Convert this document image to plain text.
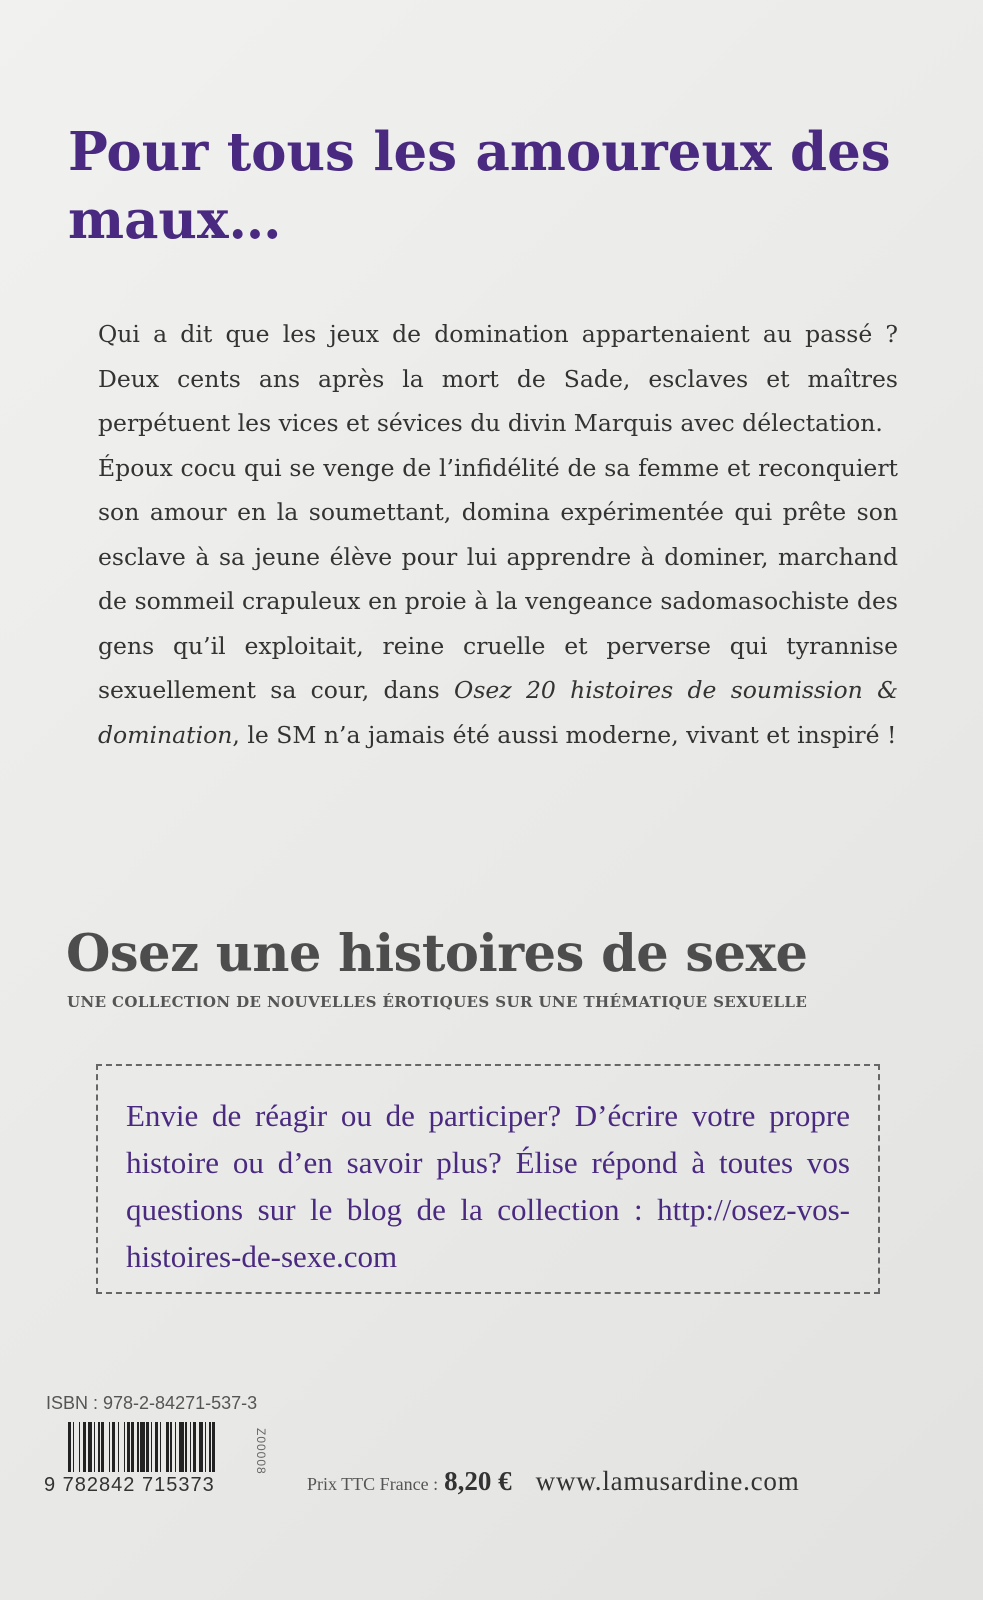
Pour tous les amoureux des maux…

Qui a dit que les jeux de domination appartenaient au passé ? Deux cents ans après la mort de Sade, esclaves et maîtres perpétuent les vices et sévices du divin Marquis avec délectation.

Époux cocu qui se venge de l’infidélité de sa femme et reconquiert son amour en la soumettant, domina expérimentée qui prête son esclave à sa jeune élève pour lui apprendre à dominer, marchand de sommeil crapuleux en proie à la vengeance sadomasochiste des gens qu’il exploitait, reine cruelle et perverse qui tyrannise sexuellement sa cour, dans Osez 20 histoires de soumission & domination, le SM n’a jamais été aussi moderne, vivant et inspiré !

Osez une histoires de sexe
UNE COLLECTION DE NOUVELLES ÉROTIQUES SUR UNE THÉMATIQUE SEXUELLE

Envie de réagir ou de participer? D’écrire votre propre histoire ou d’en savoir plus? Élise répond à toutes vos questions sur le blog de la collection : http://osez-vos-histoires-de-sexe.com

ISBN : 978-2-84271-537-3
9 782842 715373
Z00008
Prix TTC France : 8,20 € www.lamusardine.com
